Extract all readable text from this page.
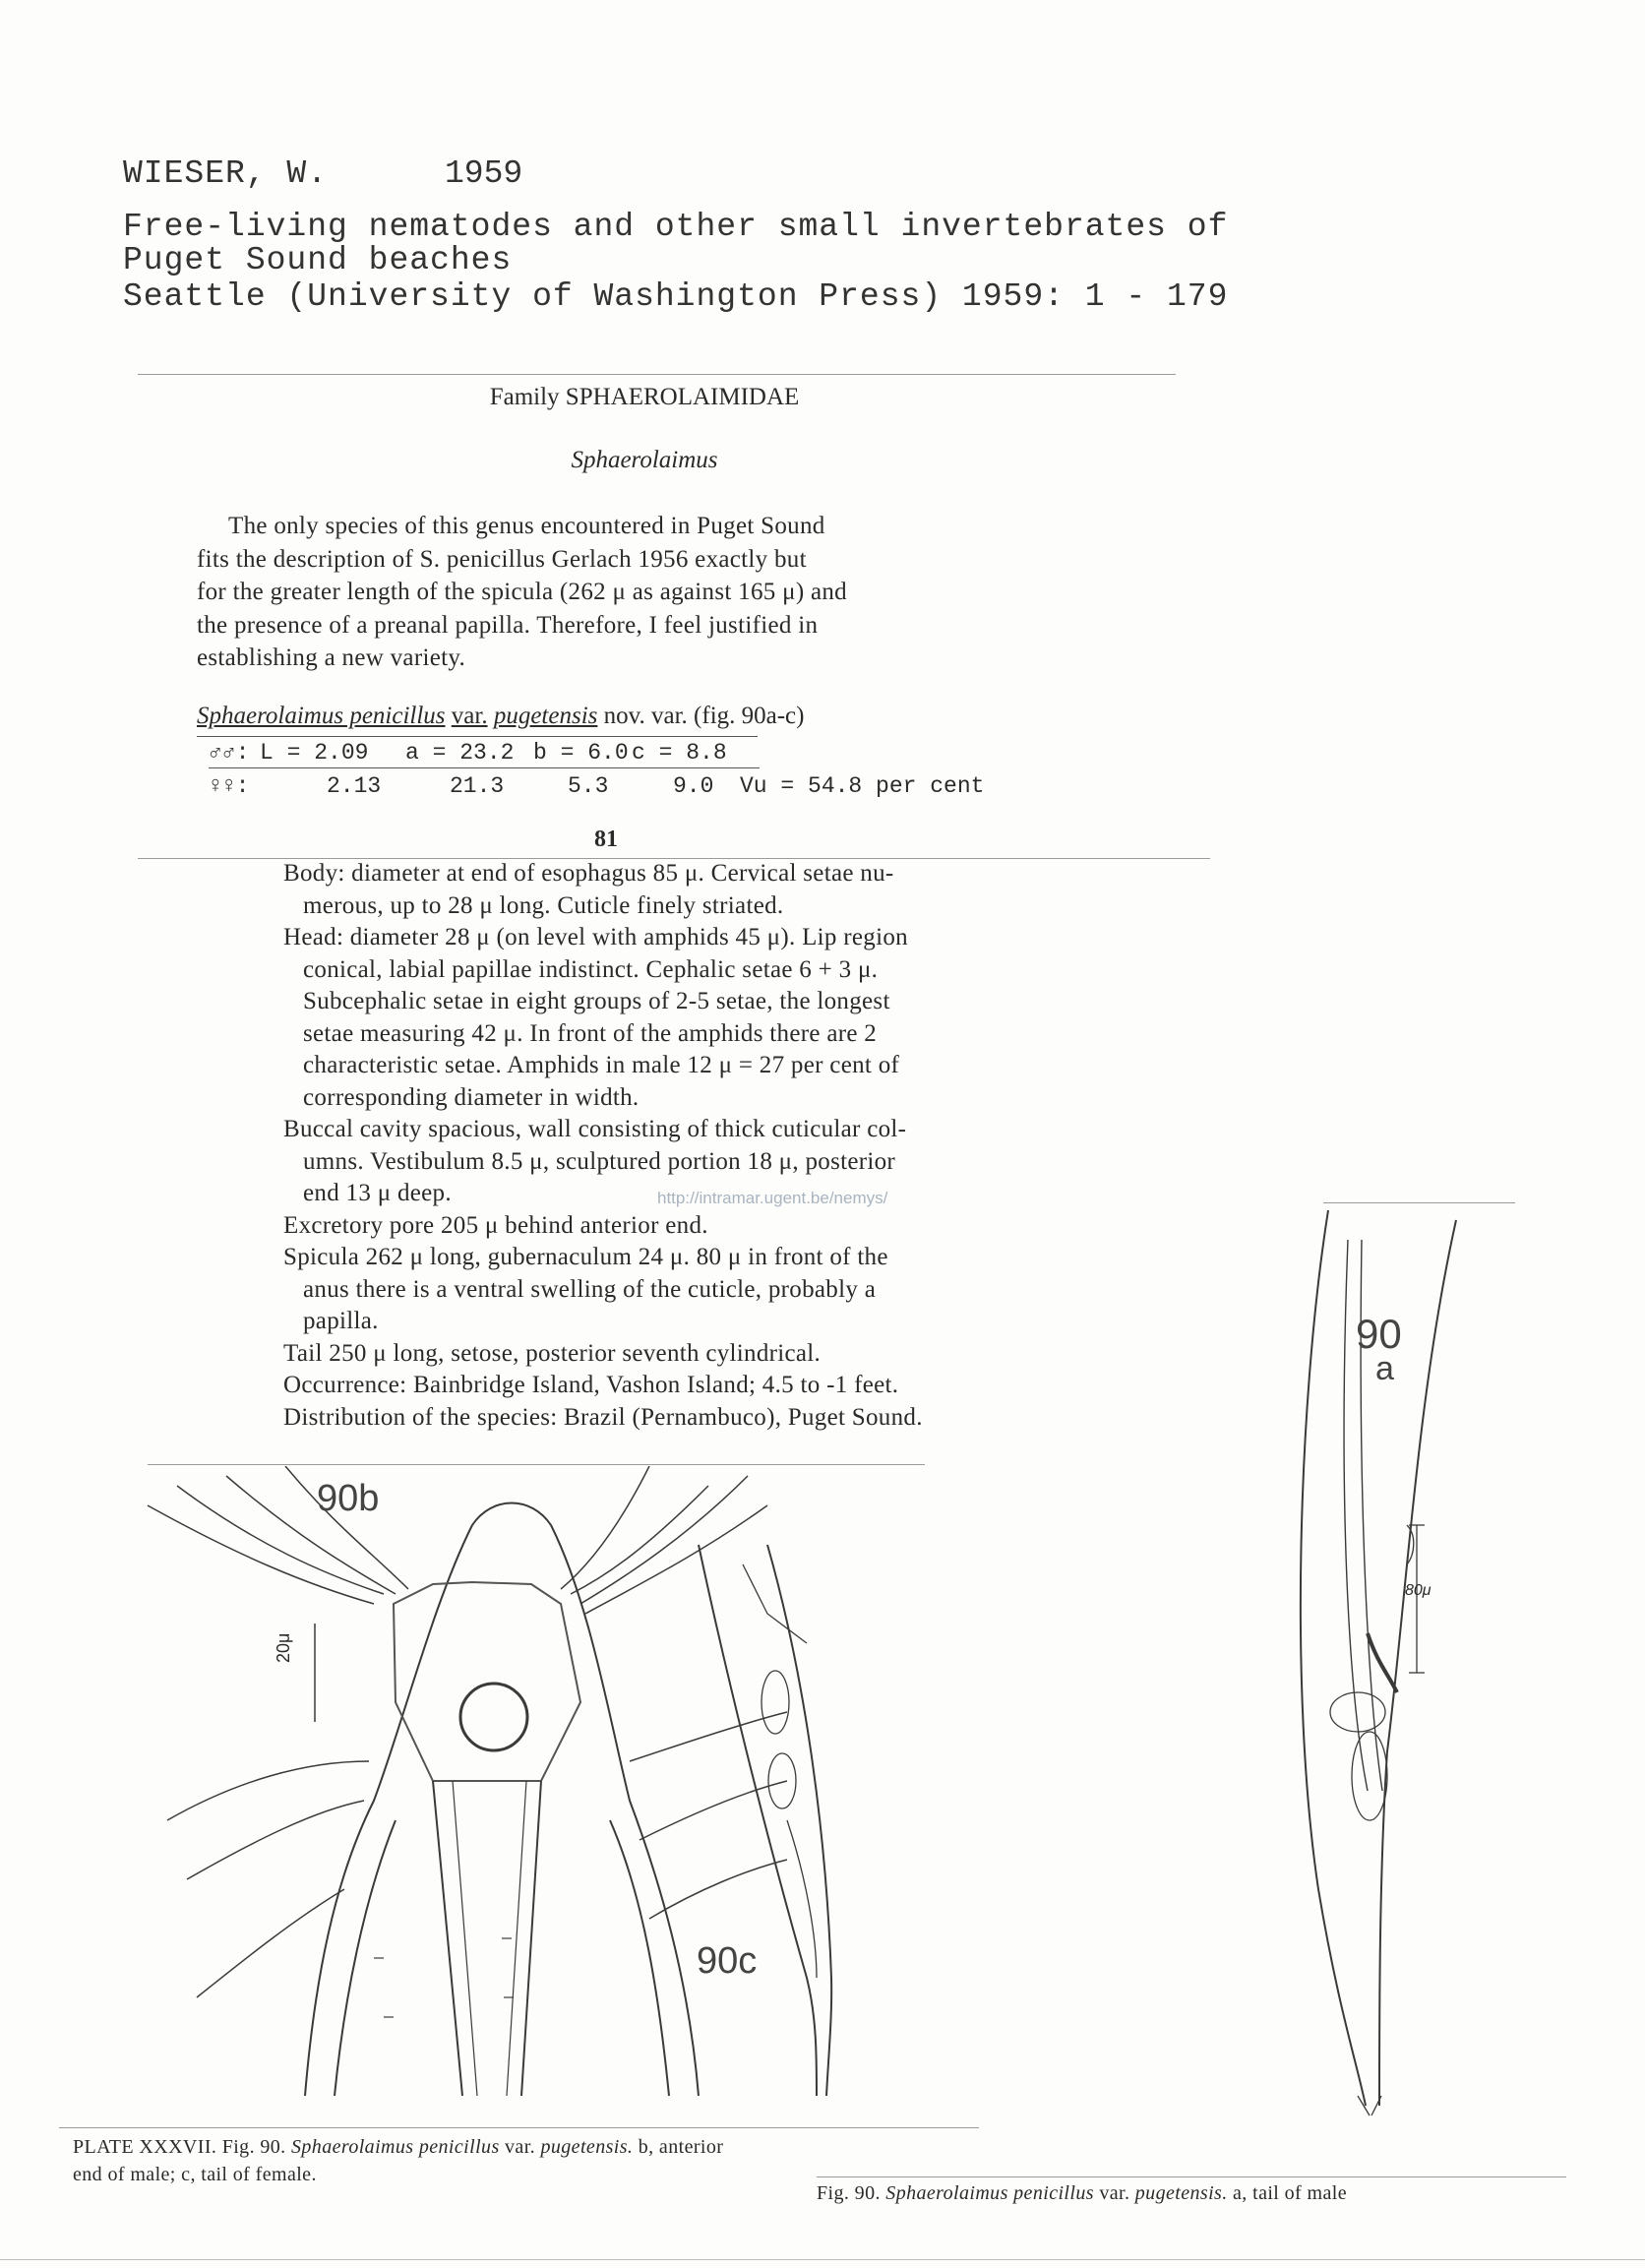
WIESER, W.	1959
Free-living nematodes and other small invertebrates of
Puget Sound beaches
Seattle (University of Washington Press) 1959: 1 - 179
Family SPHAEROLAIMIDAE
Sphaerolaimus
The only species of this genus encountered in Puget Sound
fits the description of S. penicillus Gerlach 1956 exactly but
for the greater length of the spicula (262 μ as against 165 μ) and
the presence of a preanal papilla. Therefore, I feel justified in
establishing a new variety.
Sphaerolaimus penicillus var. pugetensis nov. var. (fig. 90a-c)
♂♂: L = 2.09 a = 23.2 b = 6.0 c = 8.8
♀♀:	2.13	21.3	5.3	9.0 Vu = 54.8 per cent
81
Body: diameter at end of esophagus 85 μ. Cervical setae nu-
merous, up to 28 μ long. Cuticle finely striated.
Head: diameter 28 μ (on level with amphids 45 μ). Lip region
conical, labial papillae indistinct. Cephalic setae 6 + 3 μ.
Subcephalic setae in eight groups of 2-5 setae, the longest
setae measuring 42 μ. In front of the amphids there are 2
characteristic setae. Amphids in male 12 μ = 27 per cent of
corresponding diameter in width.
Buccal cavity spacious, wall consisting of thick cuticular col-
umns. Vestibulum 8.5 μ, sculptured portion 18 μ, posterior
end 13 μ deep.
Excretory pore 205 μ behind anterior end.
Spicula 262 μ long, gubernaculum 24 μ. 80 μ in front of the
anus there is a ventral swelling of the cuticle, probably a
papilla.
Tail 250 μ long, setose, posterior seventh cylindrical.
Occurrence: Bainbridge Island, Vashon Island; 4.5 to -1 feet.
Distribution of the species: Brazil (Pernambuco), Puget Sound.
http://intramar.ugent.be/nemys/
90b
90c
20μ
90
a
80μ
PLATE XXXVII. Fig. 90. Sphaerolaimus penicillus var. pugetensis. b, anterior
end of male; c, tail of female.
Fig. 90. Sphaerolaimus penicillus var. pugetensis. a, tail of male
